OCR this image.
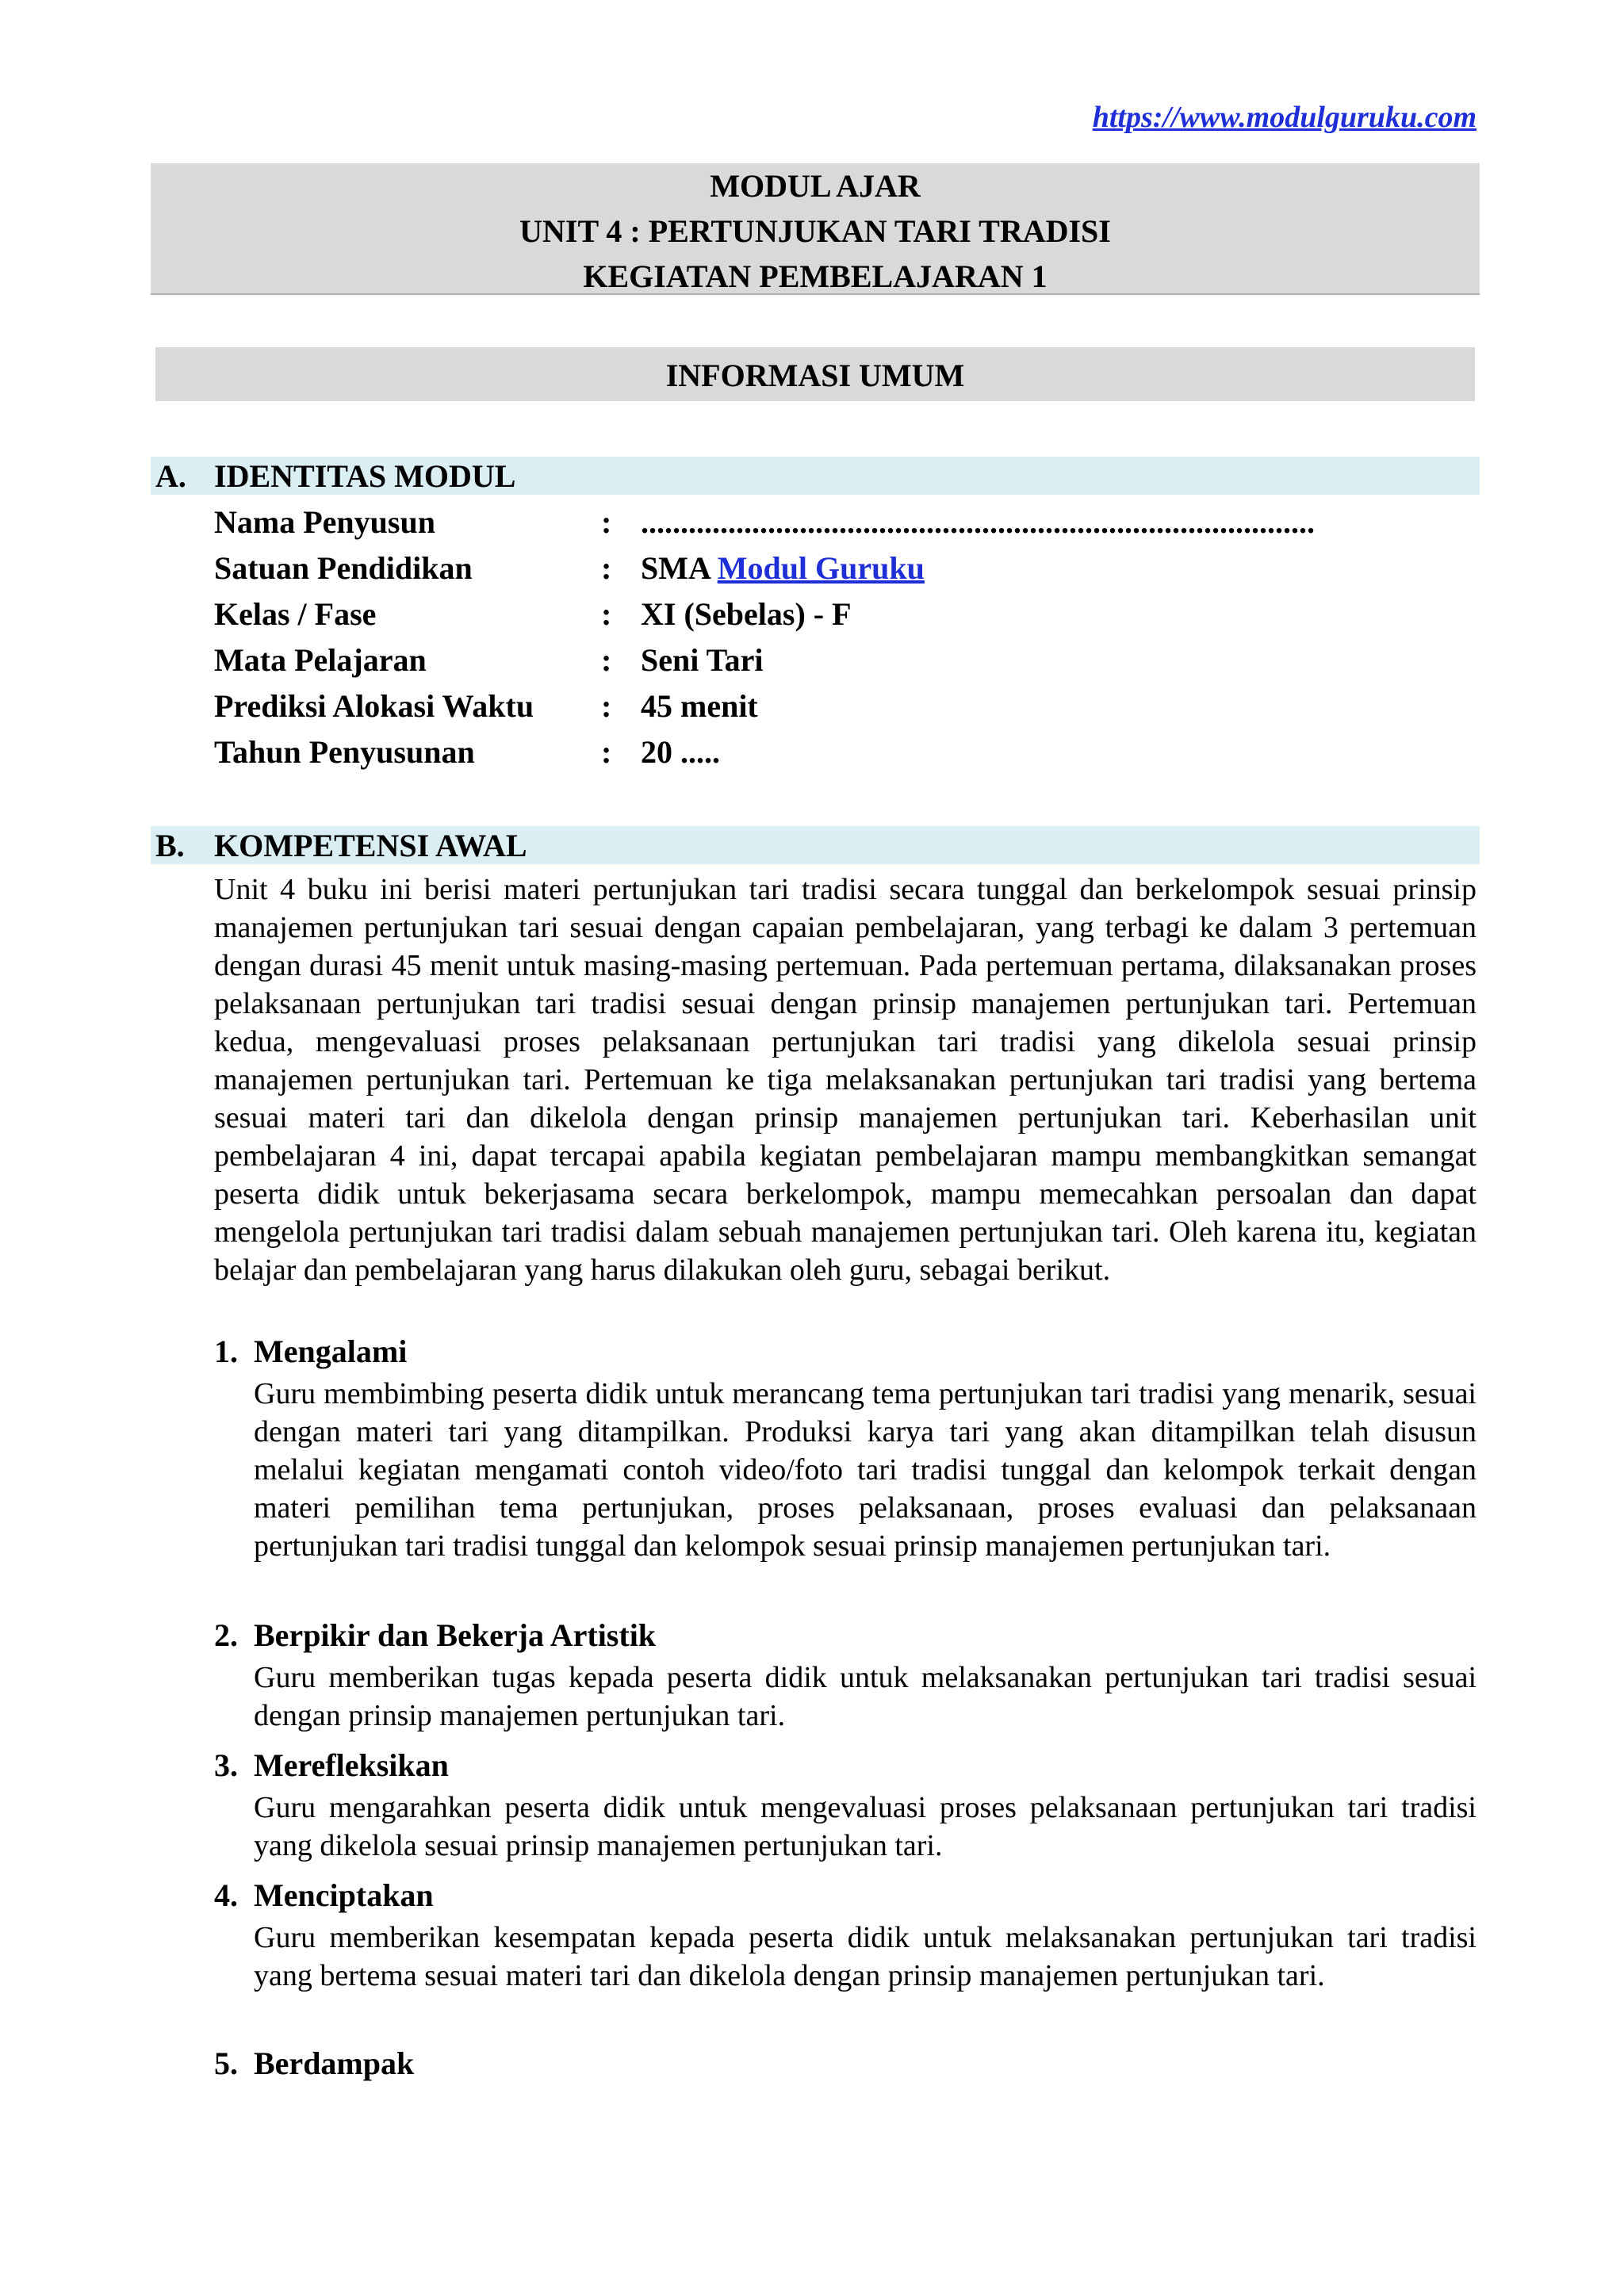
https://www.modulguruku.com
MODUL AJAR
UNIT 4 : PERTUNJUKAN TARI TRADISI
KEGIATAN PEMBELAJARAN 1
INFORMASI UMUM
A. IDENTITAS MODUL
Nama Penyusun	: .....................................................................................
Satuan Pendidikan	: SMA Modul Guruku
Kelas / Fase	: XI (Sebelas) - F
Mata Pelajaran	: Seni Tari
Prediksi Alokasi Waktu : 45 menit
Tahun Penyusunan	: 20 .....
B. KOMPETENSI AWAL
Unit 4 buku ini berisi materi pertunjukan tari tradisi secara tunggal dan berkelompok sesuai prinsip manajemen pertunjukan tari sesuai dengan capaian pembelajaran, yang terbagi ke dalam 3 pertemuan dengan durasi 45 menit untuk masing-masing pertemuan. Pada pertemuan pertama, dilaksanakan proses pelaksanaan pertunjukan tari tradisi sesuai dengan prinsip manajemen pertunjukan tari. Pertemuan kedua, mengevaluasi proses pelaksanaan pertunjukan tari tradisi yang dikelola sesuai prinsip manajemen pertunjukan tari. Pertemuan ke tiga melaksanakan pertunjukan tari tradisi yang bertema sesuai materi tari dan dikelola dengan prinsip manajemen pertunjukan tari. Keberhasilan unit pembelajaran 4 ini, dapat tercapai apabila kegiatan pembelajaran mampu membangkitkan semangat peserta didik untuk bekerjasama secara berkelompok, mampu memecahkan persoalan dan dapat mengelola pertunjukan tari tradisi dalam sebuah manajemen pertunjukan tari. Oleh karena itu, kegiatan belajar dan pembelajaran yang harus dilakukan oleh guru, sebagai berikut.
1. Mengalami
Guru membimbing peserta didik untuk merancang tema pertunjukan tari tradisi yang menarik, sesuai dengan materi tari yang ditampilkan. Produksi karya tari yang akan ditampilkan telah disusun melalui kegiatan mengamati contoh video/foto tari tradisi tunggal dan kelompok terkait dengan materi pemilihan tema pertunjukan, proses pelaksanaan, proses evaluasi dan pelaksanaan pertunjukan tari tradisi tunggal dan kelompok sesuai prinsip manajemen pertunjukan tari.
2. Berpikir dan Bekerja Artistik
Guru memberikan tugas kepada peserta didik untuk melaksanakan pertunjukan tari tradisi sesuai dengan prinsip manajemen pertunjukan tari.
3. Merefleksikan
Guru mengarahkan peserta didik untuk mengevaluasi proses pelaksanaan pertunjukan tari tradisi yang dikelola sesuai prinsip manajemen pertunjukan tari.
4. Menciptakan
Guru memberikan kesempatan kepada peserta didik untuk melaksanakan pertunjukan tari tradisi yang bertema sesuai materi tari dan dikelola dengan prinsip manajemen pertunjukan tari.
5. Berdampak
